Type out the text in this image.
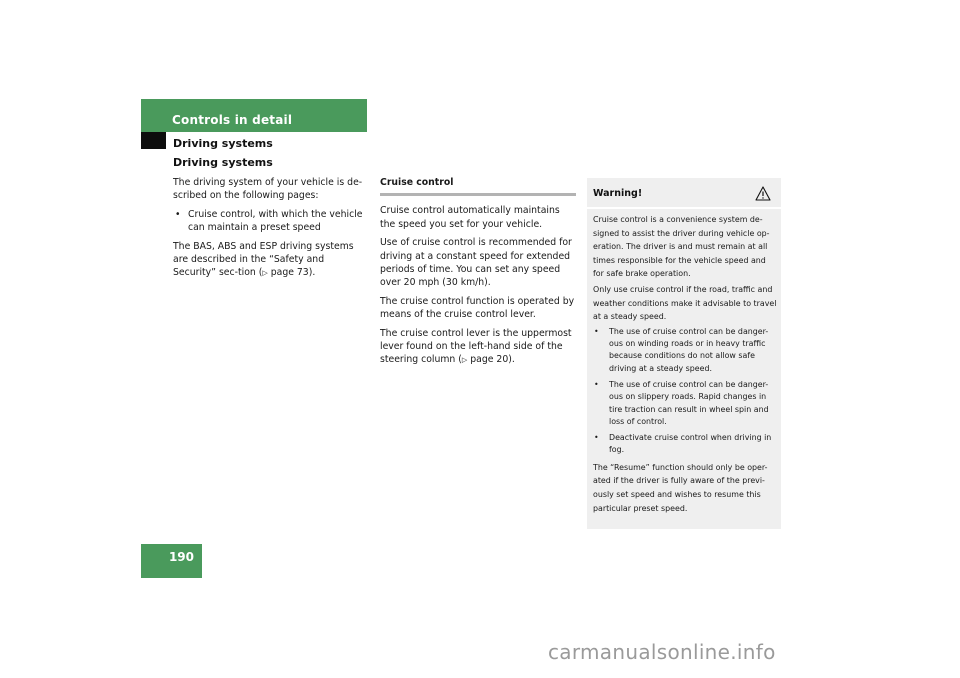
Controls in detail
Driving systems
Driving systems

The driving system of your vehicle is de-scribed on the following pages:

• Cruise control, with which the vehicle can maintain a preset speed

The BAS, ABS and ESP driving systems are described in the “Safety and Security” sec-tion (▷ page 73).

Cruise control

Cruise control automatically maintains the speed you set for your vehicle.

Use of cruise control is recommended for driving at a constant speed for extended periods of time. You can set any speed over 20 mph (30 km/h).

The cruise control function is operated by means of the cruise control lever.

The cruise control lever is the uppermost lever found on the left-hand side of the steering column (▷ page 20).

Warning!

Cruise control is a convenience system de-signed to assist the driver during vehicle op-eration. The driver is and must remain at all times responsible for the vehicle speed and for safe brake operation.

Only use cruise control if the road, traffic and weather conditions make it advisable to travel at a steady speed.

• The use of cruise control can be danger-ous on winding roads or in heavy traffic because conditions do not allow safe driving at a steady speed.
• The use of cruise control can be danger-ous on slippery roads. Rapid changes in tire traction can result in wheel spin and loss of control.
• Deactivate cruise control when driving in fog.

The “Resume” function should only be oper-ated if the driver is fully aware of the previ-ously set speed and wishes to resume this particular preset speed.

190
carmanualsonline.info
